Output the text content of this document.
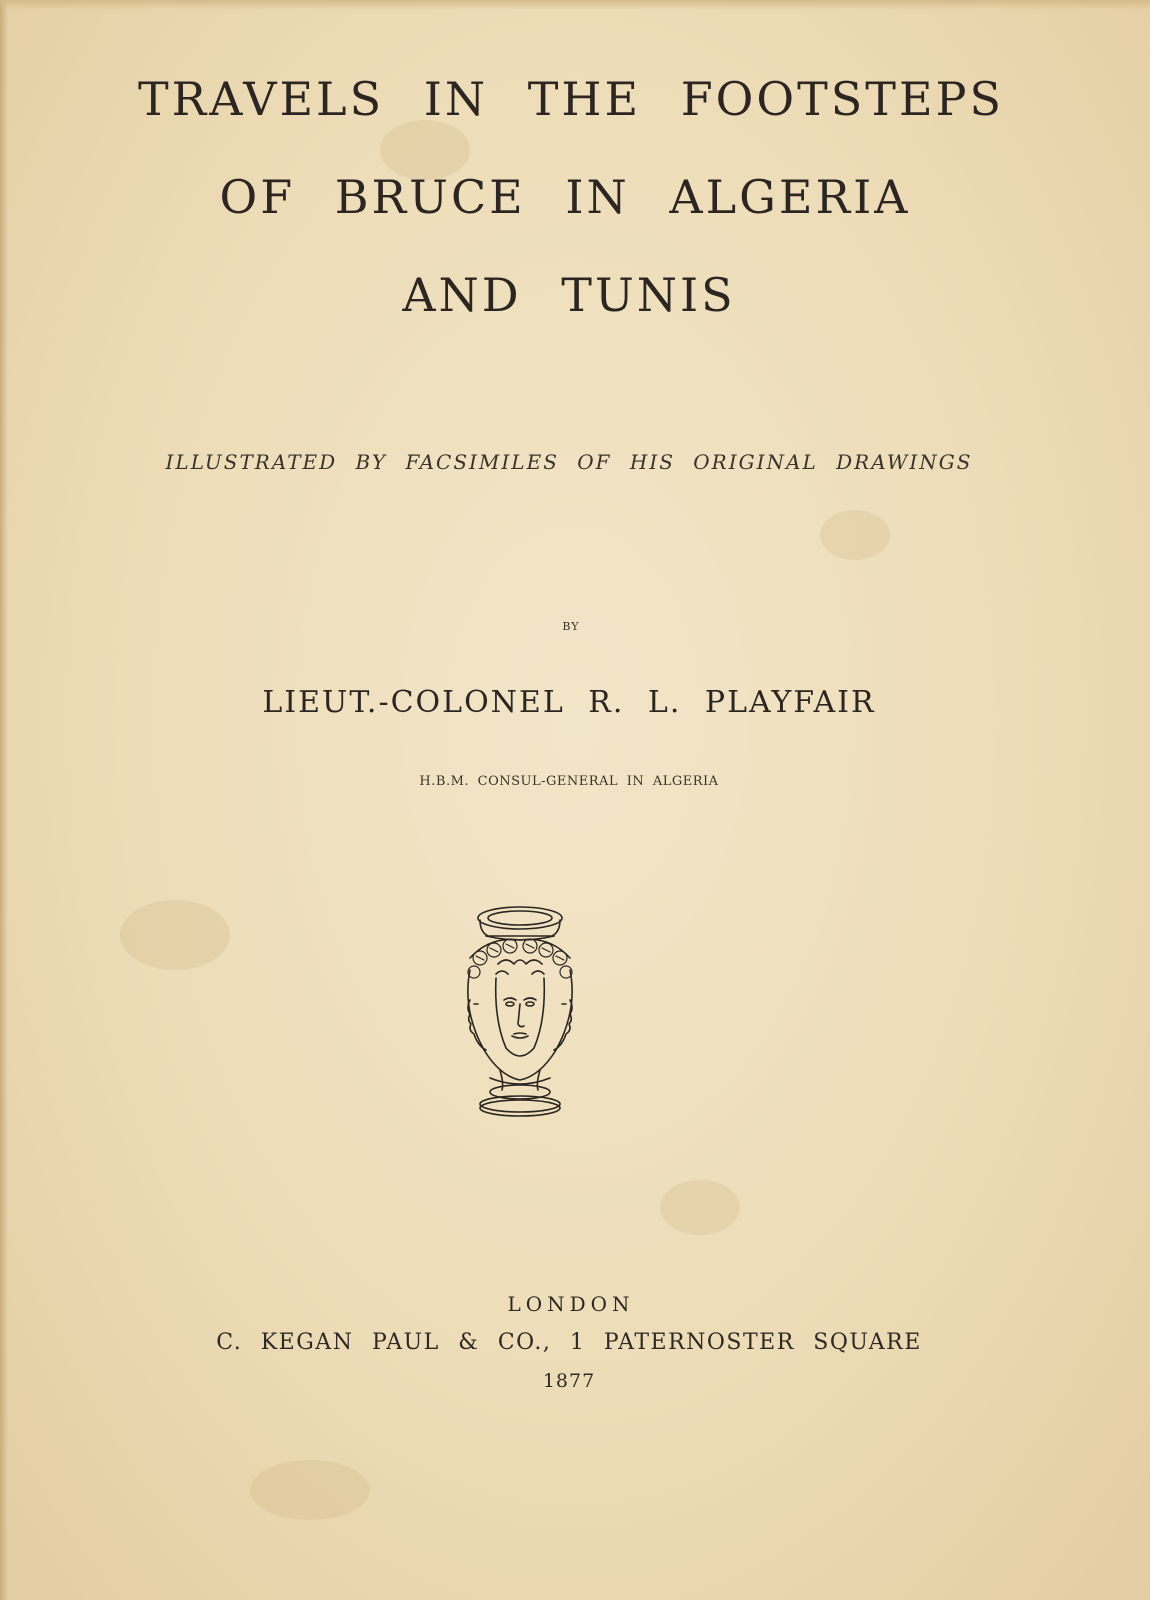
TRAVELS IN THE FOOTSTEPS
OF BRUCE IN ALGERIA
AND TUNIS
ILLUSTRATED BY FACSIMILES OF HIS ORIGINAL DRAWINGS
BY
LIEUT.-COLONEL R. L. PLAYFAIR
H.B.M. CONSUL-GENERAL IN ALGERIA
LONDON
C. KEGAN PAUL & CO., 1 PATERNOSTER SQUARE
1877
